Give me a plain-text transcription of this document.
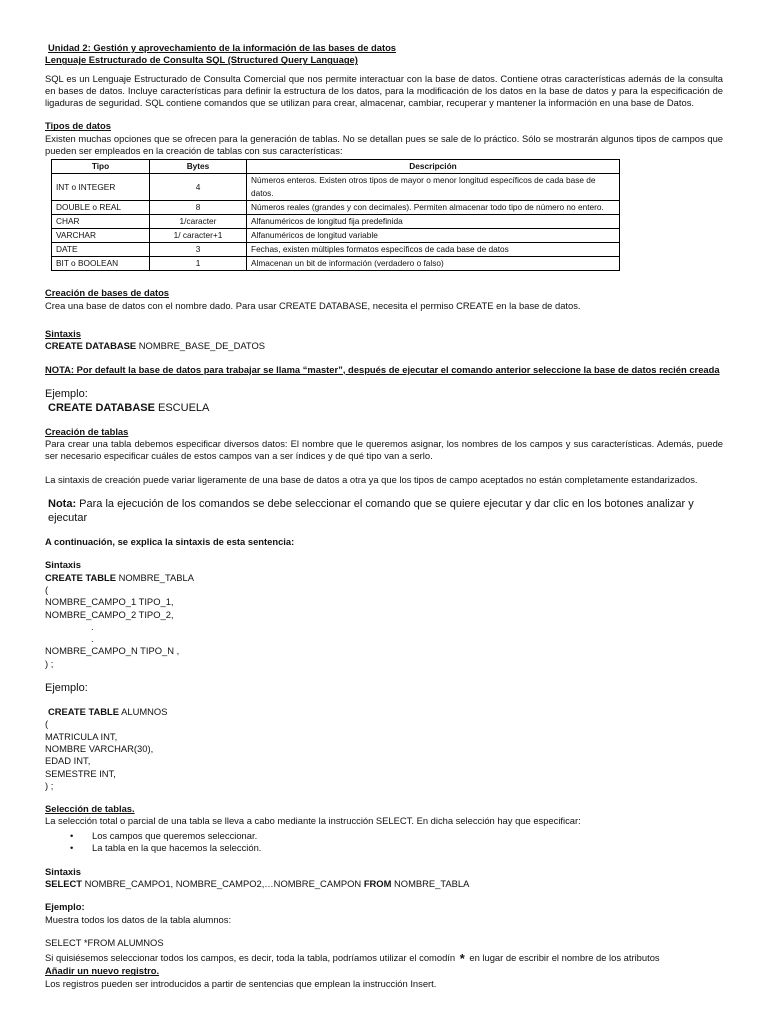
Unidad 2: Gestión y aprovechamiento de la información de las bases de datos

Lenguaje Estructurado de Consulta SQL (Structured Query Language)

SQL es un Lenguaje Estructurado de Consulta Comercial que nos permite interactuar con la base de datos. Contiene otras características además de la consulta en bases de datos. Incluye características para definir la estructura de los datos, para la modificación de los datos en la base de datos y para la especificación de ligaduras de seguridad. SQL contiene comandos que se utilizan para crear, almacenar, cambiar, recuperar y mantener la información en una base de Datos.

Tipos de datos

Existen muchas opciones que se ofrecen para la generación de tablas. No se detallan pues se sale de lo práctico. Sólo se mostrarán algunos tipos de campos que pueden ser empleados en la creación de tablas con sus características:

Tipo	Bytes	Descripción
INT o INTEGER	4	Números enteros. Existen otros tipos de mayor o menor longitud específicos de cada base de datos.
DOUBLE o REAL	8	Números reales (grandes y con decimales). Permiten almacenar todo tipo de número no entero.
CHAR	1/caracter	Alfanuméricos de longitud fija predefinida
VARCHAR	1/ caracter+1	Alfanuméricos de longitud variable
DATE	3	Fechas, existen múltiples formatos específicos de cada base de datos
BIT o BOOLEAN	1	Almacenan un bit de información (verdadero o falso)

Creación de bases de datos

Crea una base de datos con el nombre dado. Para usar CREATE DATABASE, necesita el permiso CREATE en la base de datos.

Sintaxis

CREATE DATABASE NOMBRE_BASE_DE_DATOS

NOTA: Por default la base de datos para trabajar se llama “master”, después de ejecutar el comando anterior seleccione la base de datos recién creada

Ejemplo:

CREATE DATABASE ESCUELA

Creación de tablas

Para crear una tabla debemos especificar diversos datos: El nombre que le queremos asignar, los nombres de los campos y sus características. Además, puede ser necesario especificar cuáles de estos campos van a ser índices y de qué tipo van a serlo.

La sintaxis de creación puede variar ligeramente de una base de datos a otra ya que los tipos de campo aceptados no están completamente estandarizados.

Nota: Para la ejecución de los comandos se debe seleccionar el comando que se quiere ejecutar y dar clic en los botones analizar y ejecutar

A continuación, se explica la sintaxis de esta sentencia:

Sintaxis

CREATE TABLE NOMBRE_TABLA

(

NOMBRE_CAMPO_1 TIPO_1,

NOMBRE_CAMPO_2 TIPO_2,

.

.

NOMBRE_CAMPO_N TIPO_N ,

) ;

Ejemplo:

CREATE TABLE ALUMNOS

(

MATRICULA INT,

NOMBRE VARCHAR(30),

EDAD INT,

SEMESTRE INT,

) ;

Selección de tablas.

La selección total o parcial de una tabla se lleva a cabo mediante la instrucción SELECT. En dicha selección hay que especificar:

• Los campos que queremos seleccionar.
• La tabla en la que hacemos la selección.

Sintaxis

SELECT NOMBRE_CAMPO1, NOMBRE_CAMPO2,…NOMBRE_CAMPON FROM NOMBRE_TABLA

Ejemplo:

Muestra todos los datos de la tabla alumnos:

SELECT *FROM ALUMNOS

Si quisiésemos seleccionar todos los campos, es decir, toda la tabla, podríamos utilizar el comodín * en lugar de escribir el nombre de los atributos

Añadir un nuevo registro.

Los registros pueden ser introducidos a partir de sentencias que emplean la instrucción Insert.
